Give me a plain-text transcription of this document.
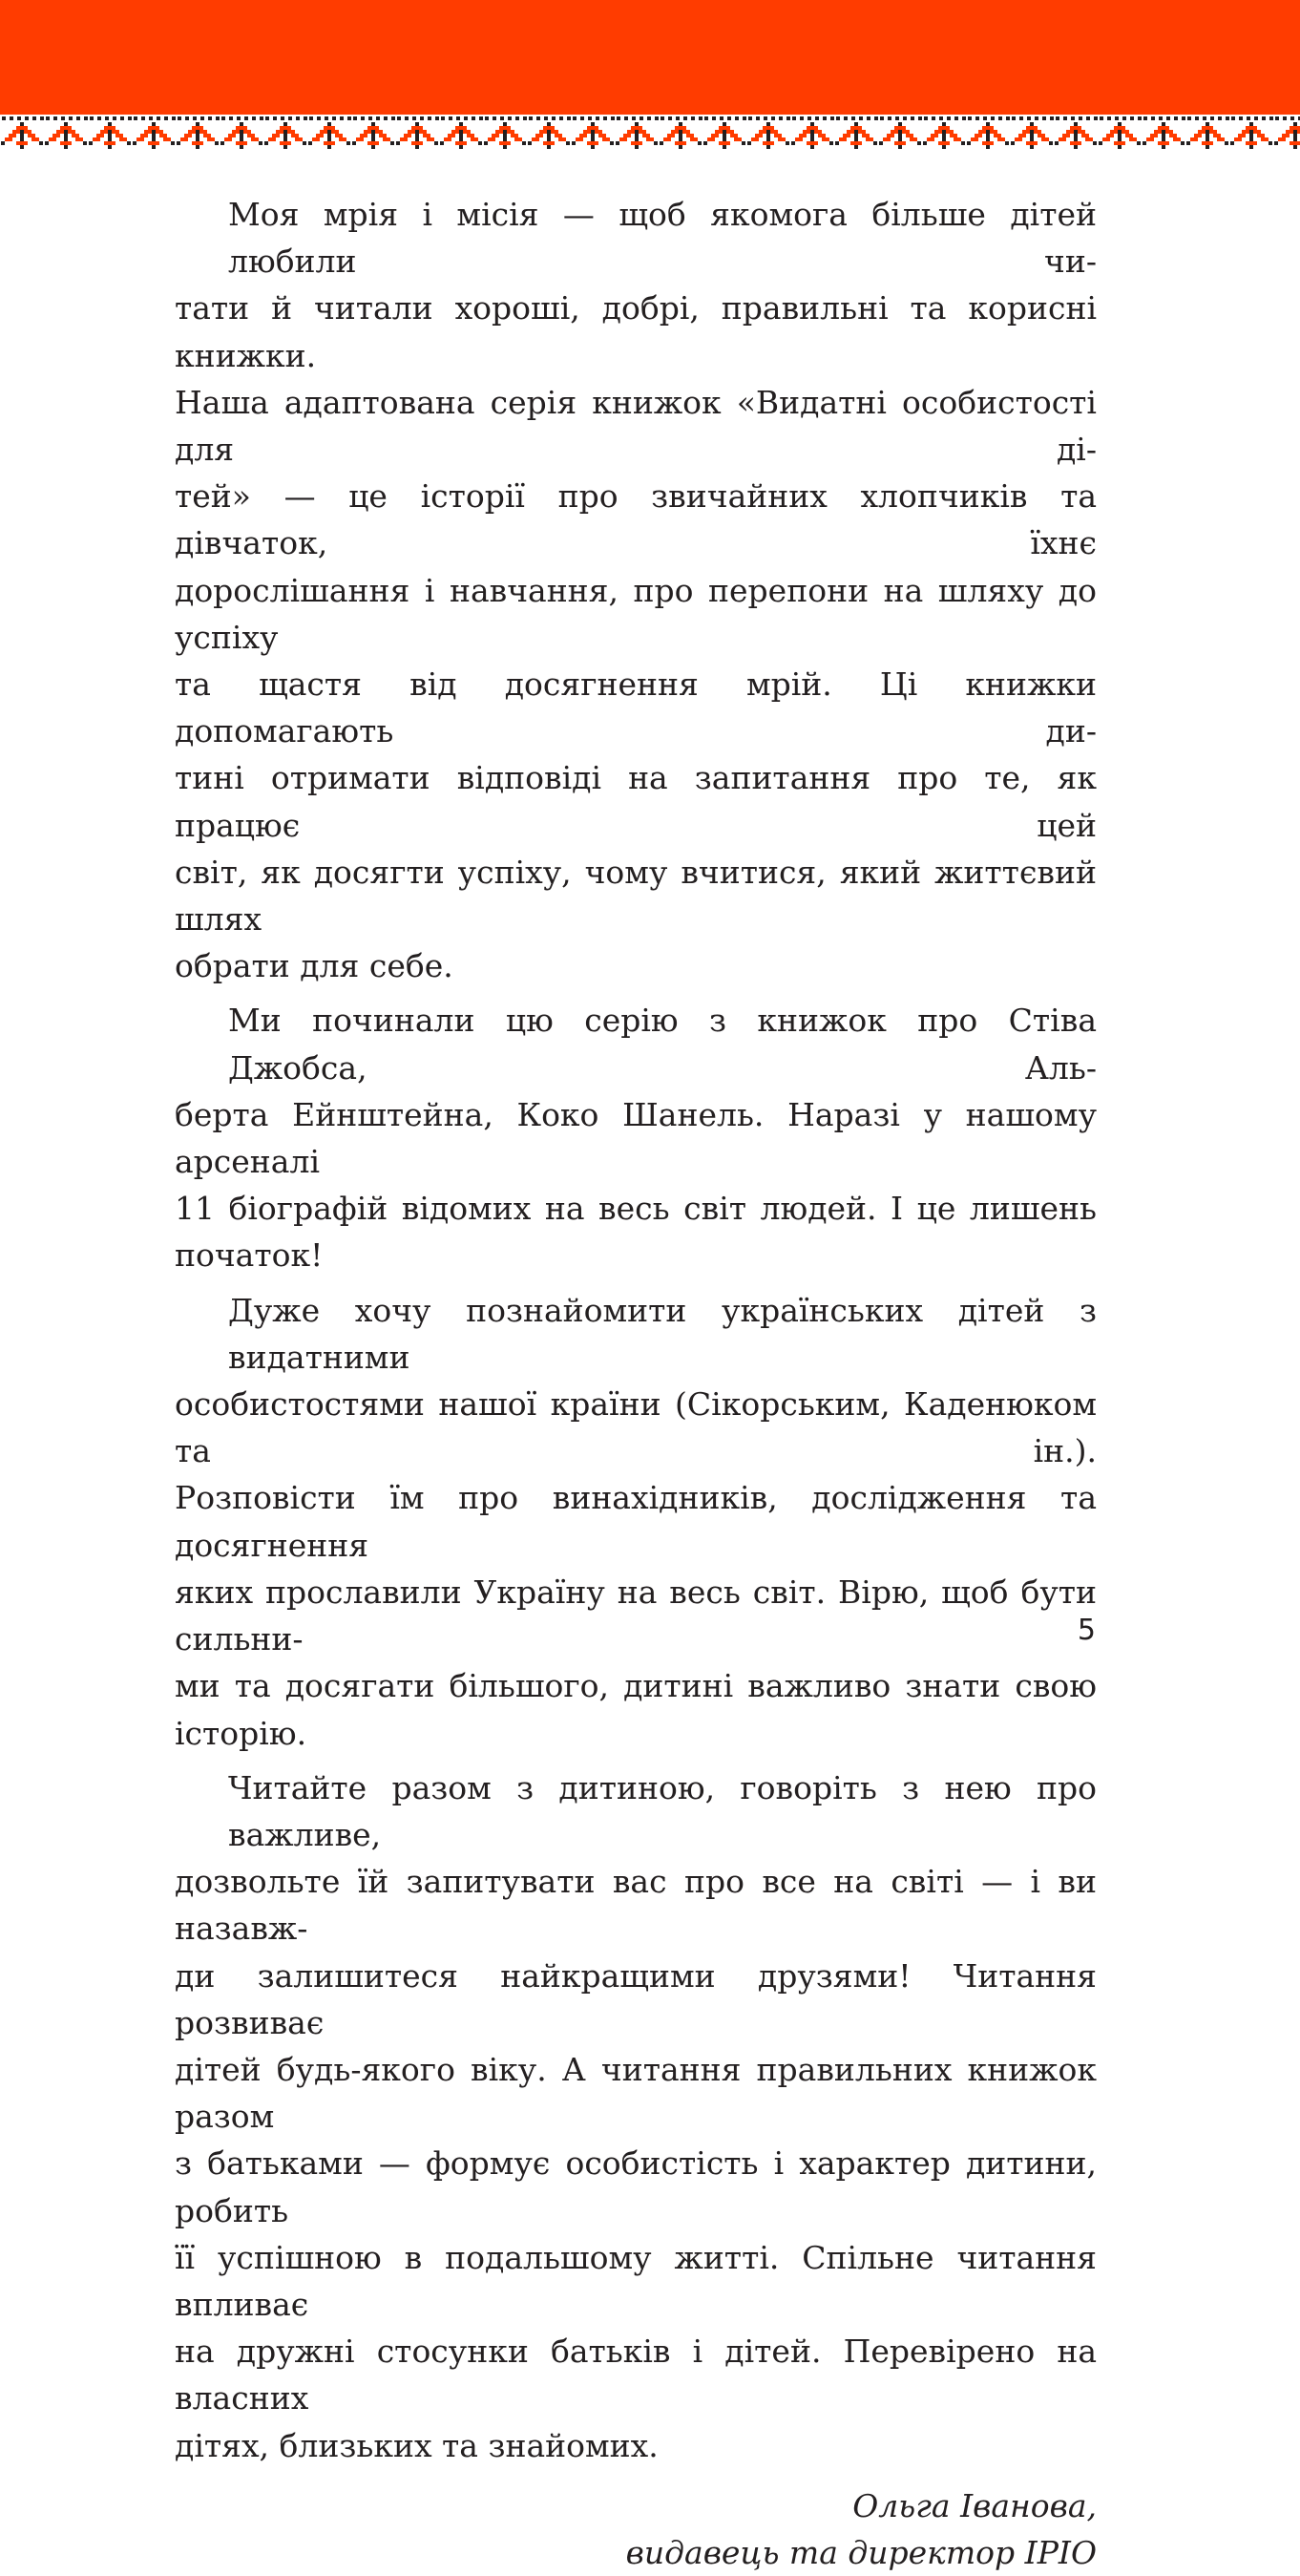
Моя мрія і місія — щоб якомога більше дітей любили чи-
тати й читали хороші, добрі, правильні та корисні книжки.
Наша адаптована серія книжок «Видатні особистості для ді-
тей» — це історії про звичайних хлопчиків та дівчаток, їхнє
дорослішання і навчання, про перепони на шляху до успіху
та щастя від досягнення мрій. Ці книжки допомагають ди-
тині отримати відповіді на запитання про те, як працює цей
світ, як досягти успіху, чому вчитися, який життєвий шлях
обрати для себе.

Ми починали цю серію з книжок про Стіва Джобса, Аль-
берта Ейнштейна, Коко Шанель. Наразі у нашому арсеналі
11 біографій відомих на весь світ людей. І це лишень початок!

Дуже хочу познайомити українських дітей з видатними
особистостями нашої країни (Сікорським, Каденюком та ін.).
Розповісти їм про винахідників, дослідження та досягнення
яких прославили Україну на весь світ. Вірю, щоб бути сильни-
ми та досягати більшого, дитині важливо знати свою історію.

Читайте разом з дитиною, говоріть з нею про важливе,
дозвольте їй запитувати вас про все на світі — і ви назавж-
ди залишитеся найкращими друзями! Читання розвиває
дітей будь-якого віку. А читання правильних книжок разом
з батьками — формує особистість і характер дитини, робить
її успішною в подальшому житті. Спільне читання впливає
на дружні стосунки батьків і дітей. Перевірено на власних
дітях, близьких та знайомих.

Ольга Іванова,
видавець та директор ІРІО
5
